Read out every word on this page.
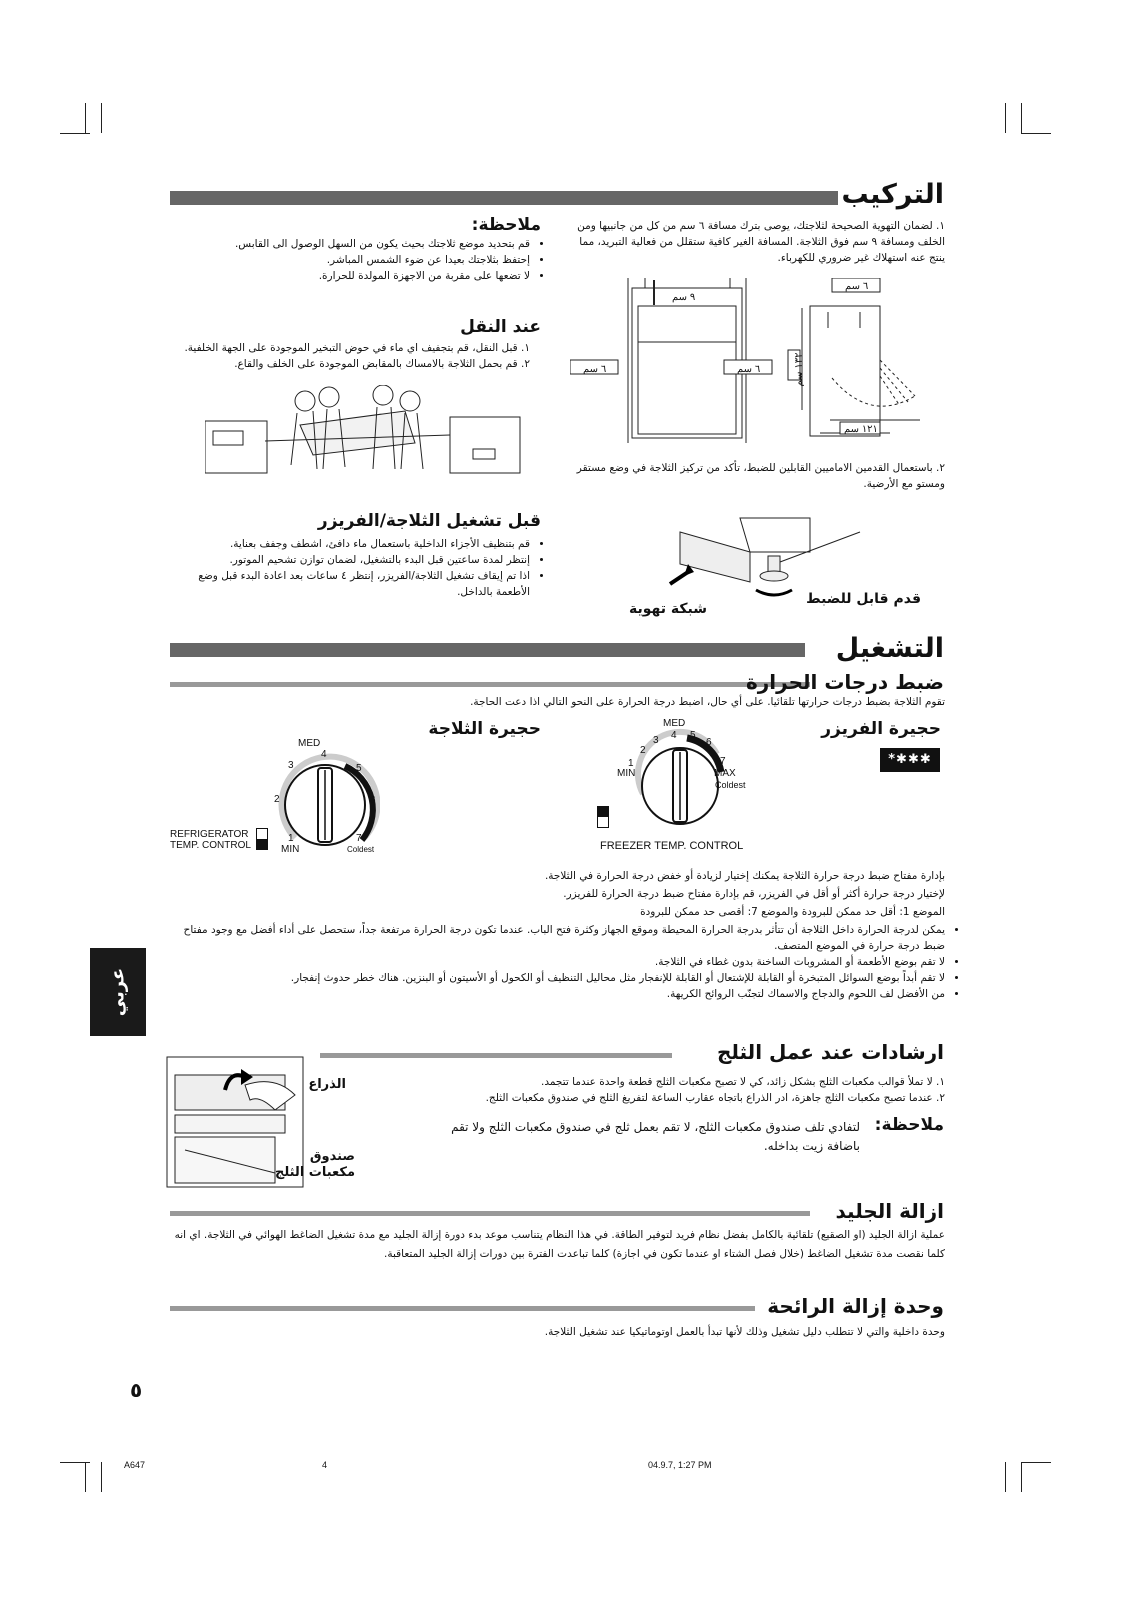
التركيب
١. لضمان التهوية الصحيحة لثلاجتك، يوصى بترك مسافة ٦ سم من كل من جانبيها ومن الخلف ومسافة ٩ سم فوق الثلاجة. المسافة الغير كافية ستقلل من فعالية التبريد، مما ينتج عنه استهلاك غير ضروري للكهرباء.
٩ سم
٦ سم	٦ سم
٦ سم
١٣٢ سم
١٢١ سم
٢. باستعمال القدمين الاماميين القابلين للضبط، تأكد من تركيز الثلاجة في وضع مستقر ومستو مع الأرضية.
قدم قابل للضبط
شبكة تهوية
ملاحظة:
• قم بتحديد موضع ثلاجتك بحيث يكون من السهل الوصول الى القابس.
• إحتفظ بثلاجتك بعيدا عن ضوء الشمس المباشر.
• لا تضعها على مقربة من الاجهزة المولدة للحرارة.
عند النقل
١. قبل النقل، قم بتجفيف اي ماء في حوض التبخير الموجودة على الجهة الخلفية.
٢. قم بحمل الثلاجة بالامساك بالمقابض الموجودة على الخلف والقاع.
قبل تشغيل الثلاجة/الفريزر
• قم بتنظيف الأجزاء الداخلية باستعمال ماء دافئ، اشطف وجفف بعناية.
• إنتظر لمدة ساعتين قبل البدء بالتشغيل، لضمان توازن تشحيم الموتور.
• اذا تم إيقاف تشغيل الثلاجة/الفريزر، إنتظر ٤ ساعات بعد اعادة البدء قبل وضع الأطعمة بالداخل.
التشغيل
ضبط درجات الحرارة
تقوم الثلاجة بضبط درجات حرارتها تلقائيا. على أي حال، اضبط درجة الحرارة على النحو التالي اذا دعت الحاجة.
حجيرة الثلاجة	حجيرة الفريزر
*✱✱✱
MED
4
3	5
2	6
1	7
MIN	Coldest
REFRIGERATOR
TEMP. CONTROL
MED
3 4 5
2
6
1	7
MIN	MAX
Coldest
FREEZER TEMP. CONTROL
بإدارة مفتاح ضبط درجة حرارة الثلاجة يمكنك إختيار لزيادة أو خفض درجة الحرارة في الثلاجة.
لإختيار درجة حرارة أكثر أو أقل في الفريزر، قم بإدارة مفتاح ضبط درجة الحرارة للفريزر.
الموضع 1: أقل حد ممكن للبرودة والموضع 7: أقصى حد ممكن للبرودة
• يمكن لدرجة الحرارة داخل الثلاجة أن تتأثر بدرجة الحرارة المحيطة وموقع الجهاز وكثرة فتح الباب. عندما تكون درجة الحرارة مرتفعة جداً، ستحصل على أداء أفضل مع وجود مفتاح ضبط درجة حرارة في الموضع المتصف.
• لا تقم بوضع الأطعمة أو المشروبات الساخنة بدون غطاء في الثلاجة.
• لا تقم أبداً بوضع السوائل المتبخرة أو القابلة للإشتعال أو القابلة للإنفجار مثل محاليل التنظيف أو الكحول أو الأسيتون أو البنزين. هناك خطر حدوث إنفجار.
• من الأفضل لف اللحوم والدجاج والاسماك لتجنّب الروائح الكريهة.
عربي
ارشادات عند عمل الثلج
١. لا تملأ قوالب مكعبات الثلج بشكل زائد، كي لا تصبح مكعبات الثلج قطعة واحدة عندما تتجمد.
٢. عندما تصبح مكعبات الثلج جاهزة، ادر الذراع باتجاه عقارب الساعة لتفريغ الثلج في صندوق مكعبات الثلج.
ملاحظة:
لتفادي تلف صندوق مكعبات الثلج، لا تقم بعمل ثلج في صندوق مكعبات الثلج ولا تقم باضافة زيت بداخله.
الذراع
صندوق
مكعبات الثلج
ازالة الجليد
عملية ازالة الجليد (او الصقيع) تلقائية بالكامل بفضل نظام فريد لتوفير الطاقة. في هذا النظام يتناسب موعد بدء دورة إزالة الجليد مع مدة تشغيل الضاغط الهوائي في الثلاجة. اي انه كلما نقصت مدة تشغيل الضاغط (خلال فصل الشتاء او عندما تكون في اجازة) كلما تباعدت الفترة بين دورات إزالة الجليد المتعاقبة.
وحدة إزالة الرائحة
وحدة داخلية والتي لا تتطلب دليل تشغيل وذلك لأنها تبدأ بالعمل اوتوماتيكيا عند تشغيل الثلاجة.
٥
A647	4	04.9.7, 1:27 PM
